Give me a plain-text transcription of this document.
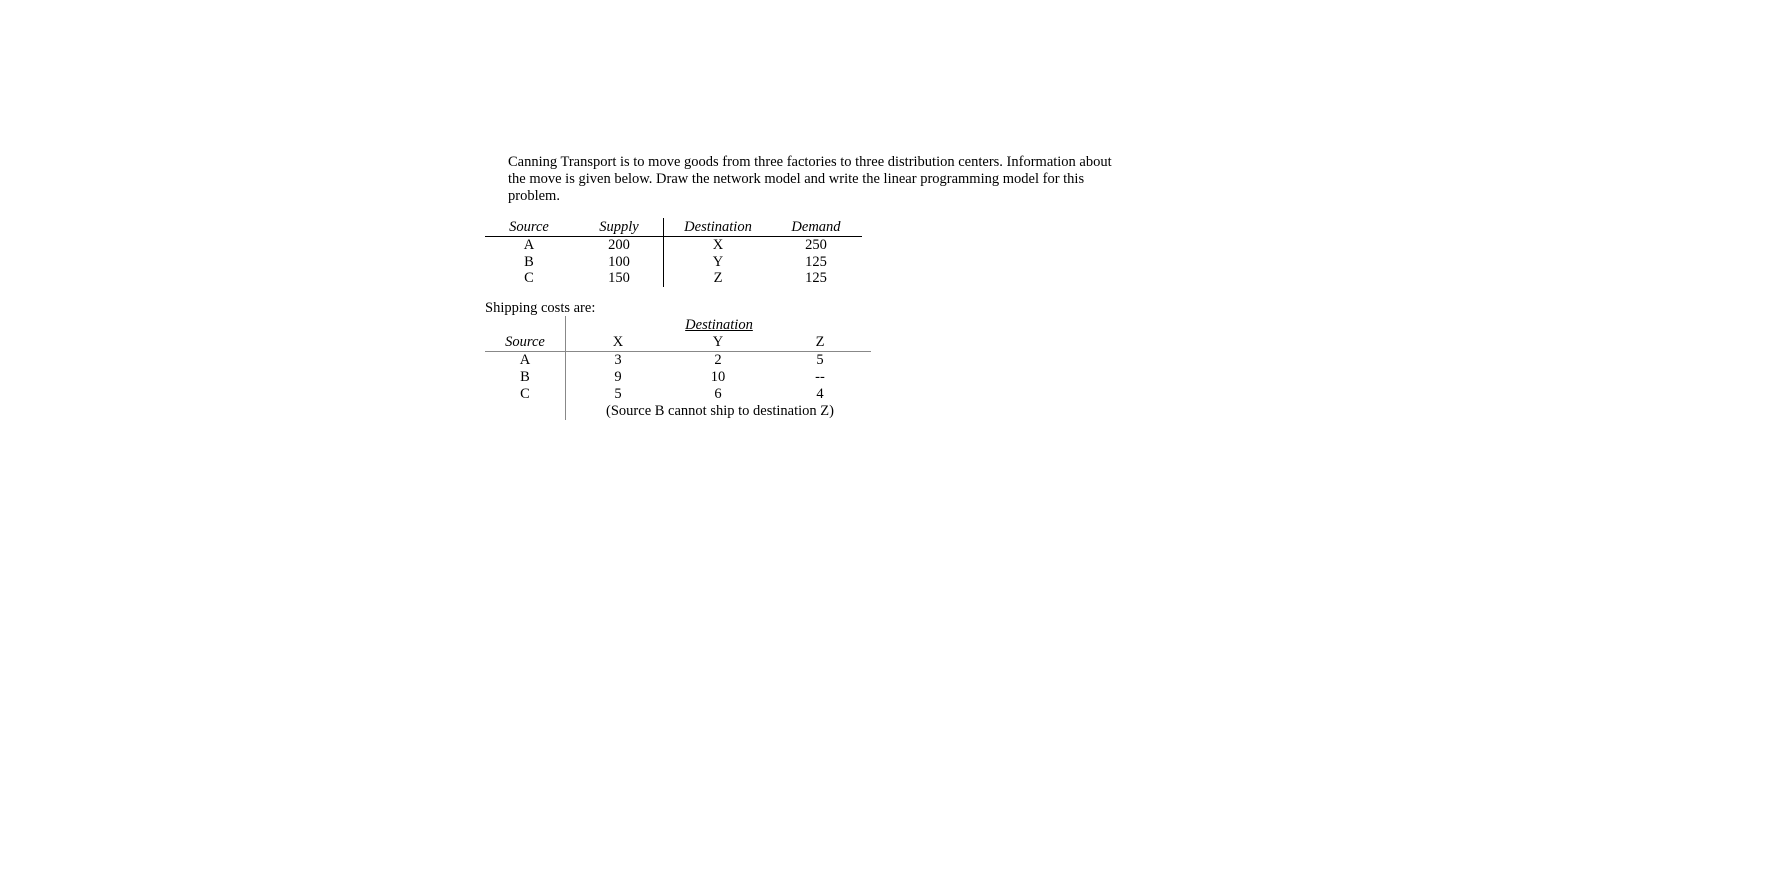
Canning Transport is to move goods from three factories to three distribution centers. Information about the move is given below. Draw the network model and write the linear programming model for this problem.
Source	Supply	Destination	Demand
A	200	X	250
B	100	Y	125
C	150	Z	125
Shipping costs are:
Destination
Source	X	Y	Z
A	3	2	5
B	9	10	--
C	5	6	4
(Source B cannot ship to destination Z)
